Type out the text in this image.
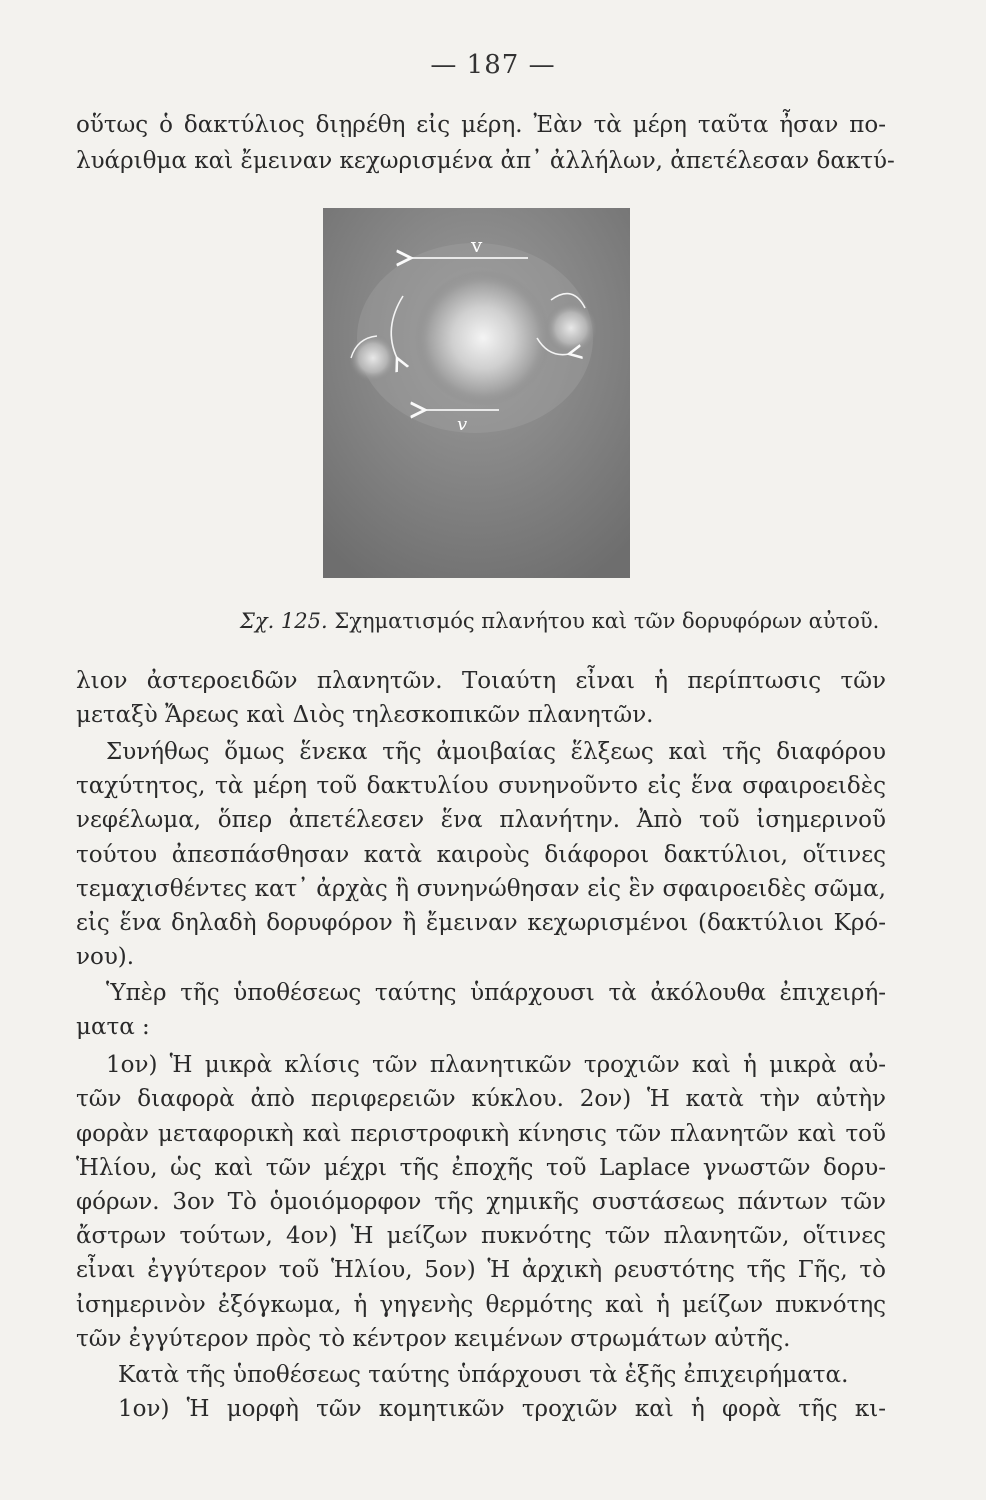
— 187 —
οὕτως ὁ δακτύλιος διῃρέθη εἰς μέρη. Ἐὰν τὰ μέρη ταῦτα ἦσαν πο-
λυάριθμα καὶ ἔμειναν κεχωρισμένα ἀπ᾽ ἀλλήλων, ἀπετέλεσαν δακτύ-
v
v
Σχ. 125. Σχηματισμός πλανήτου καὶ τῶν δορυφόρων αὐτοῦ.
λιον ἀστεροειδῶν πλανητῶν. Τοιαύτη εἶναι ἡ περίπτωσις τῶν
μεταξὺ Ἄρεως καὶ Διὸς τηλεσκοπικῶν πλανητῶν.
Συνήθως ὅμως ἕνεκα τῆς ἀμοιβαίας ἕλξεως καὶ τῆς διαφόρου
ταχύτητος, τὰ μέρη τοῦ δακτυλίου συνηνοῦντο εἰς ἕνα σφαιροειδὲς
νεφέλωμα, ὅπερ ἀπετέλεσεν ἕνα πλανήτην. Ἀπὸ τοῦ ἰσημερινοῦ
τούτου ἀπεσπάσθησαν κατὰ καιροὺς διάφοροι δακτύλιοι, οἵτινες
τεμαχισθέντες κατ᾽ ἀρχὰς ἢ συνηνώθησαν εἰς ἓν σφαιροειδὲς σῶμα,
εἰς ἕνα δηλαδὴ δορυφόρον ἢ ἔμειναν κεχωρισμένοι (δακτύλιοι Κρό-
νου).
Ὑπὲρ τῆς ὑποθέσεως ταύτης ὑπάρχουσι τὰ ἀκόλουθα ἐπιχειρή-
ματα :
1ον) Ἡ μικρὰ κλίσις τῶν πλανητικῶν τροχιῶν καὶ ἡ μικρὰ αὐ-
τῶν διαφορὰ ἀπὸ περιφερειῶν κύκλου. 2ον) Ἡ κατὰ τὴν αὐτὴν
φορὰν μεταφορικὴ καὶ περιστροφικὴ κίνησις τῶν πλανητῶν καὶ τοῦ
Ἡλίου, ὡς καὶ τῶν μέχρι τῆς ἐποχῆς τοῦ Laplace γνωστῶν δορυ-
φόρων. 3ον Τὸ ὁμοιόμορφον τῆς χημικῆς συστάσεως πάντων τῶν
ἄστρων τούτων, 4ον) Ἡ μείζων πυκνότης τῶν πλανητῶν, οἵτινες
εἶναι ἐγγύτερον τοῦ Ἡλίου, 5ον) Ἡ ἀρχικὴ ρευστότης τῆς Γῆς, τὸ
ἰσημερινὸν ἐξόγκωμα, ἡ γηγενὴς θερμότης καὶ ἡ μείζων πυκνότης
τῶν ἐγγύτερον πρὸς τὸ κέντρον κειμένων στρωμάτων αὐτῆς.
Κατὰ τῆς ὑποθέσεως ταύτης ὑπάρχουσι τὰ ἑξῆς ἐπιχειρήματα.
1ον) Ἡ μορφὴ τῶν κομητικῶν τροχιῶν καὶ ἡ φορὰ τῆς κι-
